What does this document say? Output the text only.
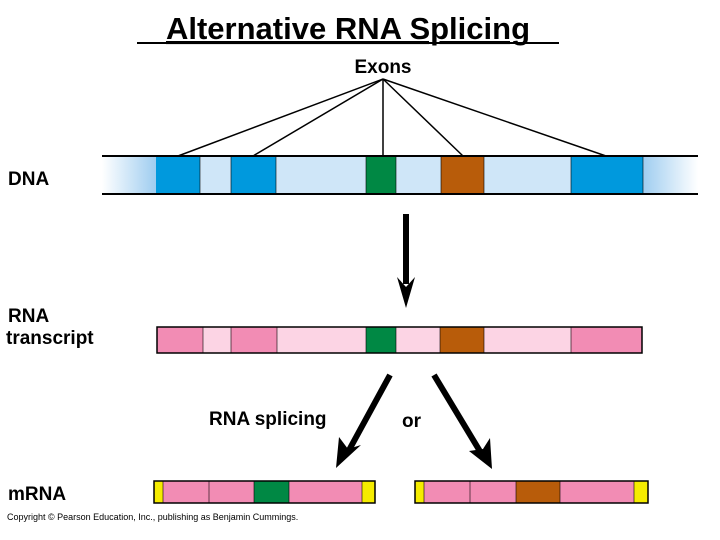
Alternative RNA Splicing
Exons
DNA
RNA
transcript
RNA splicing	or
mRNA
Copyright © Pearson Education, Inc., publishing as Benjamin Cummings.
